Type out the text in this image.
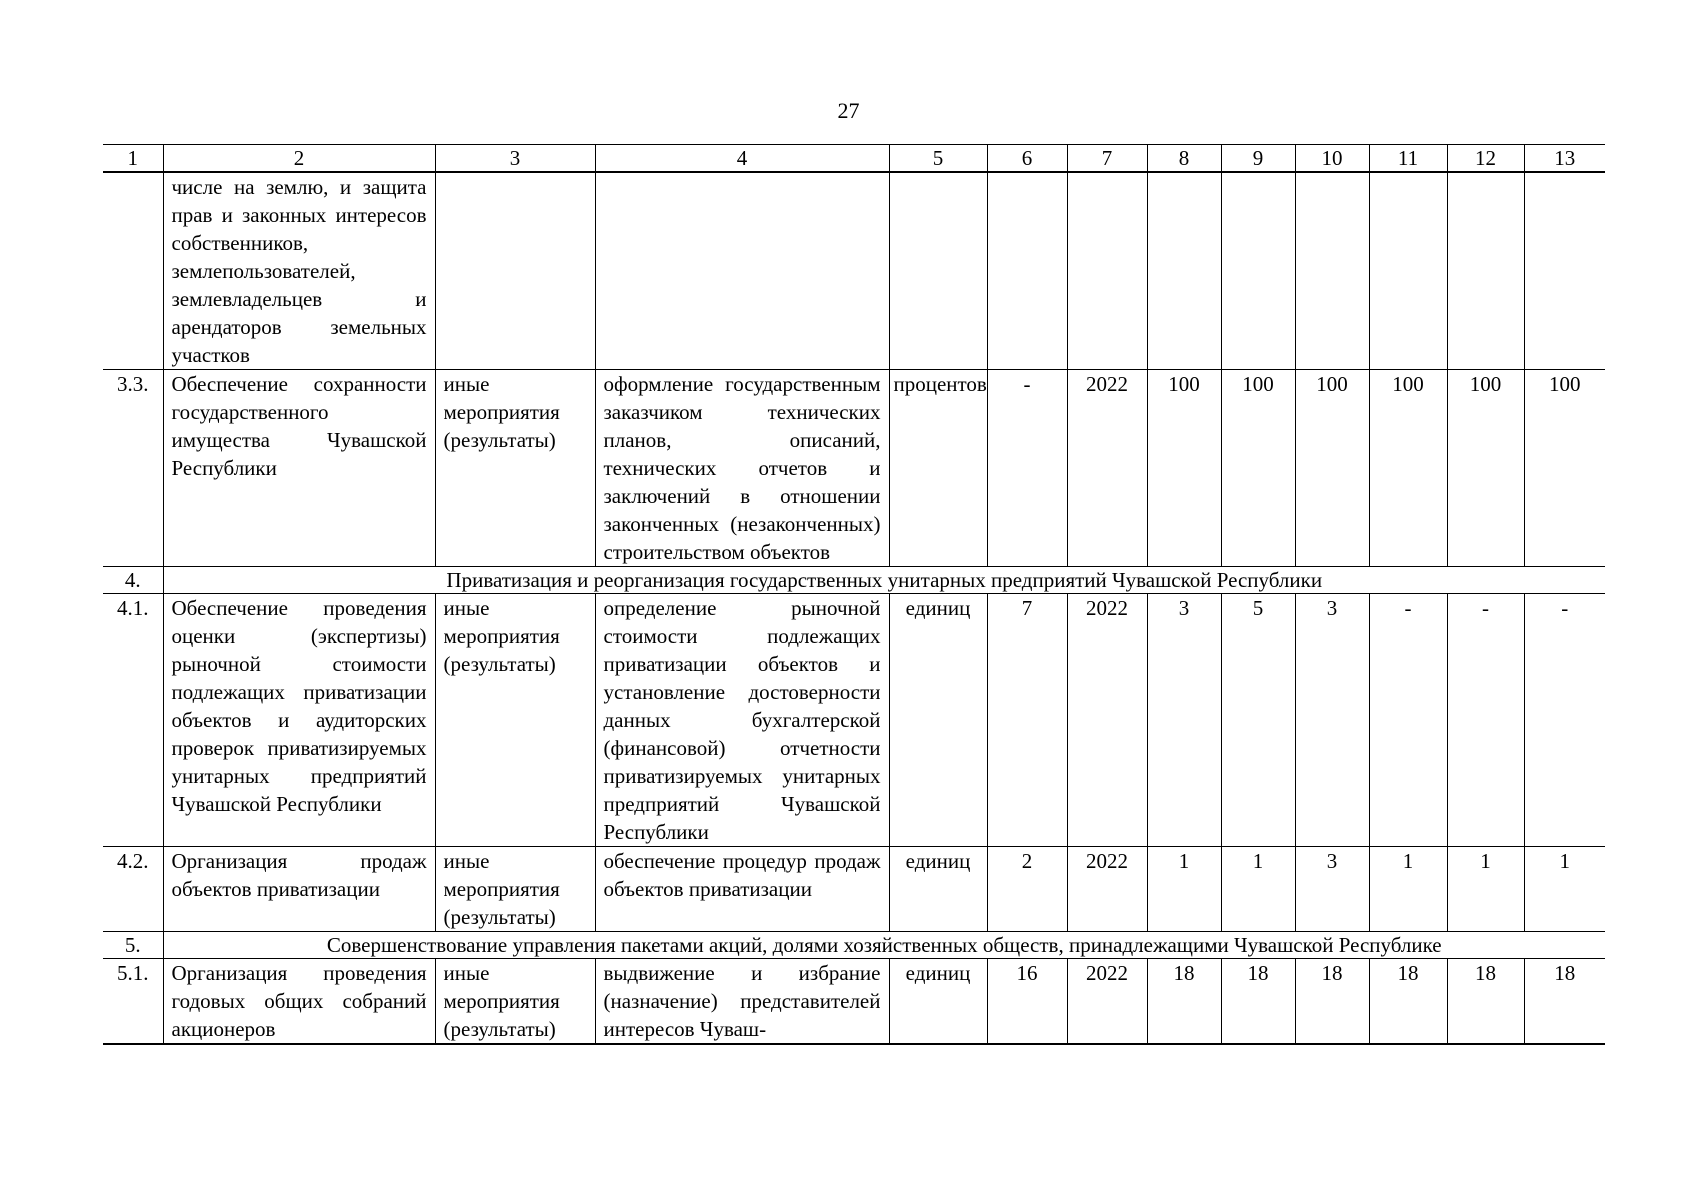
27
1	2	3	4	5	6	7	8	9	10	11	12	13
	числе на землю, и защита прав и законных интересов собственников, землепользователей, землевладельцев и арендаторов земельных участков											
3.3.	Обеспечение сохранности государственного имущества Чувашской Республики	иные мероприятия (результаты)	оформление государственным заказчиком технических планов, описаний, технических отчетов и заключений в отношении законченных (незаконченных) строительством объектов	процентов	-	2022	100	100	100	100	100	100
4.	Приватизация и реорганизация государственных унитарных предприятий Чувашской Республики											
4.1.	Обеспечение проведения оценки (экспертизы) рыночной стоимости подлежащих приватизации объектов и аудиторских проверок приватизируемых унитарных предприятий Чувашской Республики	иные мероприятия (результаты)	определение рыночной стоимости подлежащих приватизации объектов и установление достоверности данных бухгалтерской (финансовой) отчетности приватизируемых унитарных предприятий Чувашской Республики	единиц	7	2022	3	5	3	-	-	-
4.2.	Организация продаж объектов приватизации	иные мероприятия (результаты)	обеспечение процедур продаж объектов приватизации	единиц	2	2022	1	1	3	1	1	1
5.	Совершенствование управления пакетами акций, долями хозяйственных обществ, принадлежащими Чувашской Республике											
5.1.	Организация проведения годовых общих собраний акционеров	иные мероприятия (результаты)	выдвижение и избрание (назначение) представителей интересов Чуваш-	единиц	16	2022	18	18	18	18	18	18
